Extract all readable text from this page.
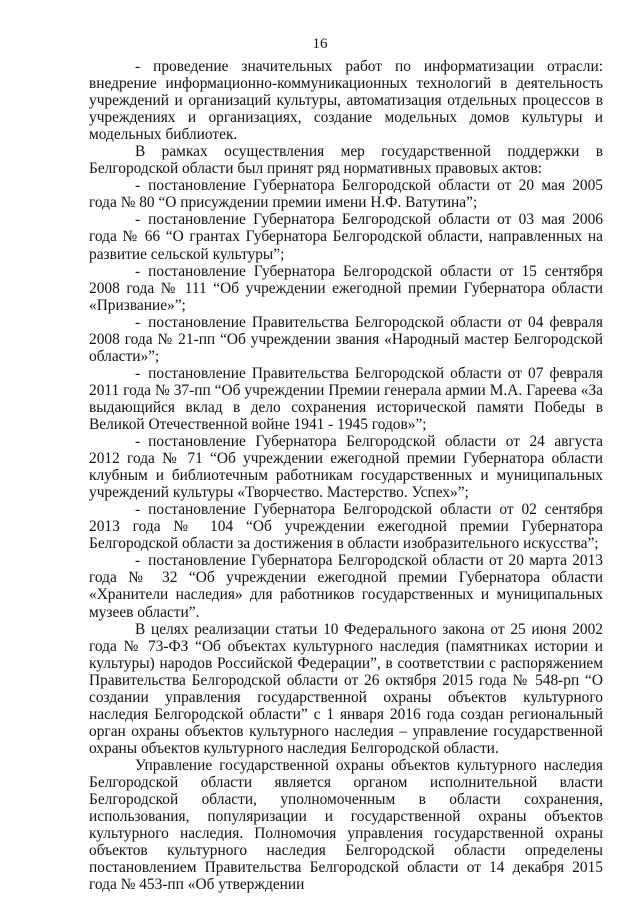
16

- проведение значительных работ по информатизации отрасли: внедрение информационно-коммуникационных технологий в деятельность учреждений и организаций культуры, автоматизация отдельных процессов в учреждениях и организациях, создание модельных домов культуры и модельных библиотек.

В рамках осуществления мер государственной поддержки в Белгородской области был принят ряд нормативных правовых актов:

- постановление Губернатора Белгородской области от 20 мая 2005 года № 80 “О присуждении премии имени Н.Ф. Ватутина”;

- постановление Губернатора Белгородской области от 03 мая 2006 года № 66 “О грантах Губернатора Белгородской области, направленных на развитие сельской культуры”;

- постановление Губернатора Белгородской области от 15 сентября 2008 года № 111 “Об учреждении ежегодной премии Губернатора области «Призвание»”;

- постановление Правительства Белгородской области от 04 февраля 2008 года № 21-пп “Об учреждении звания «Народный мастер Белгородской области»”;

- постановление Правительства Белгородской области от 07 февраля 2011 года № 37-пп “Об учреждении Премии генерала армии М.А. Гареева «За выдающийся вклад в дело сохранения исторической памяти Победы в Великой Отечественной войне 1941 - 1945 годов»”;

- постановление Губернатора Белгородской области от 24 августа 2012 года № 71 “Об учреждении ежегодной премии Губернатора области клубным и библиотечным работникам государственных и муниципальных учреждений культуры «Творчество. Мастерство. Успех»”;

- постановление Губернатора Белгородской области от 02 сентября 2013 года № 104 “Об учреждении ежегодной премии Губернатора Белгородской области за достижения в области изобразительного искусства”;

- постановление Губернатора Белгородской области от 20 марта 2013 года № 32 “Об учреждении ежегодной премии Губернатора области «Хранители наследия» для работников государственных и муниципальных музеев области”.

В целях реализации статьи 10 Федерального закона от 25 июня 2002 года № 73-ФЗ “Об объектах культурного наследия (памятниках истории и культуры) народов Российской Федерации”, в соответствии с распоряжением Правительства Белгородской области от 26 октября 2015 года № 548-рп “О создании управления государственной охраны объектов культурного наследия Белгородской области” с 1 января 2016 года создан региональный орган охраны объектов культурного наследия – управление государственной охраны объектов культурного наследия Белгородской области.

Управление государственной охраны объектов культурного наследия Белгородской области является органом исполнительной власти Белгородской области, уполномоченным в области сохранения, использования, популяризации и государственной охраны объектов культурного наследия. Полномочия управления государственной охраны объектов культурного наследия Белгородской области определены постановлением Правительства Белгородской области от 14 декабря 2015 года № 453-пп «Об утверждении
